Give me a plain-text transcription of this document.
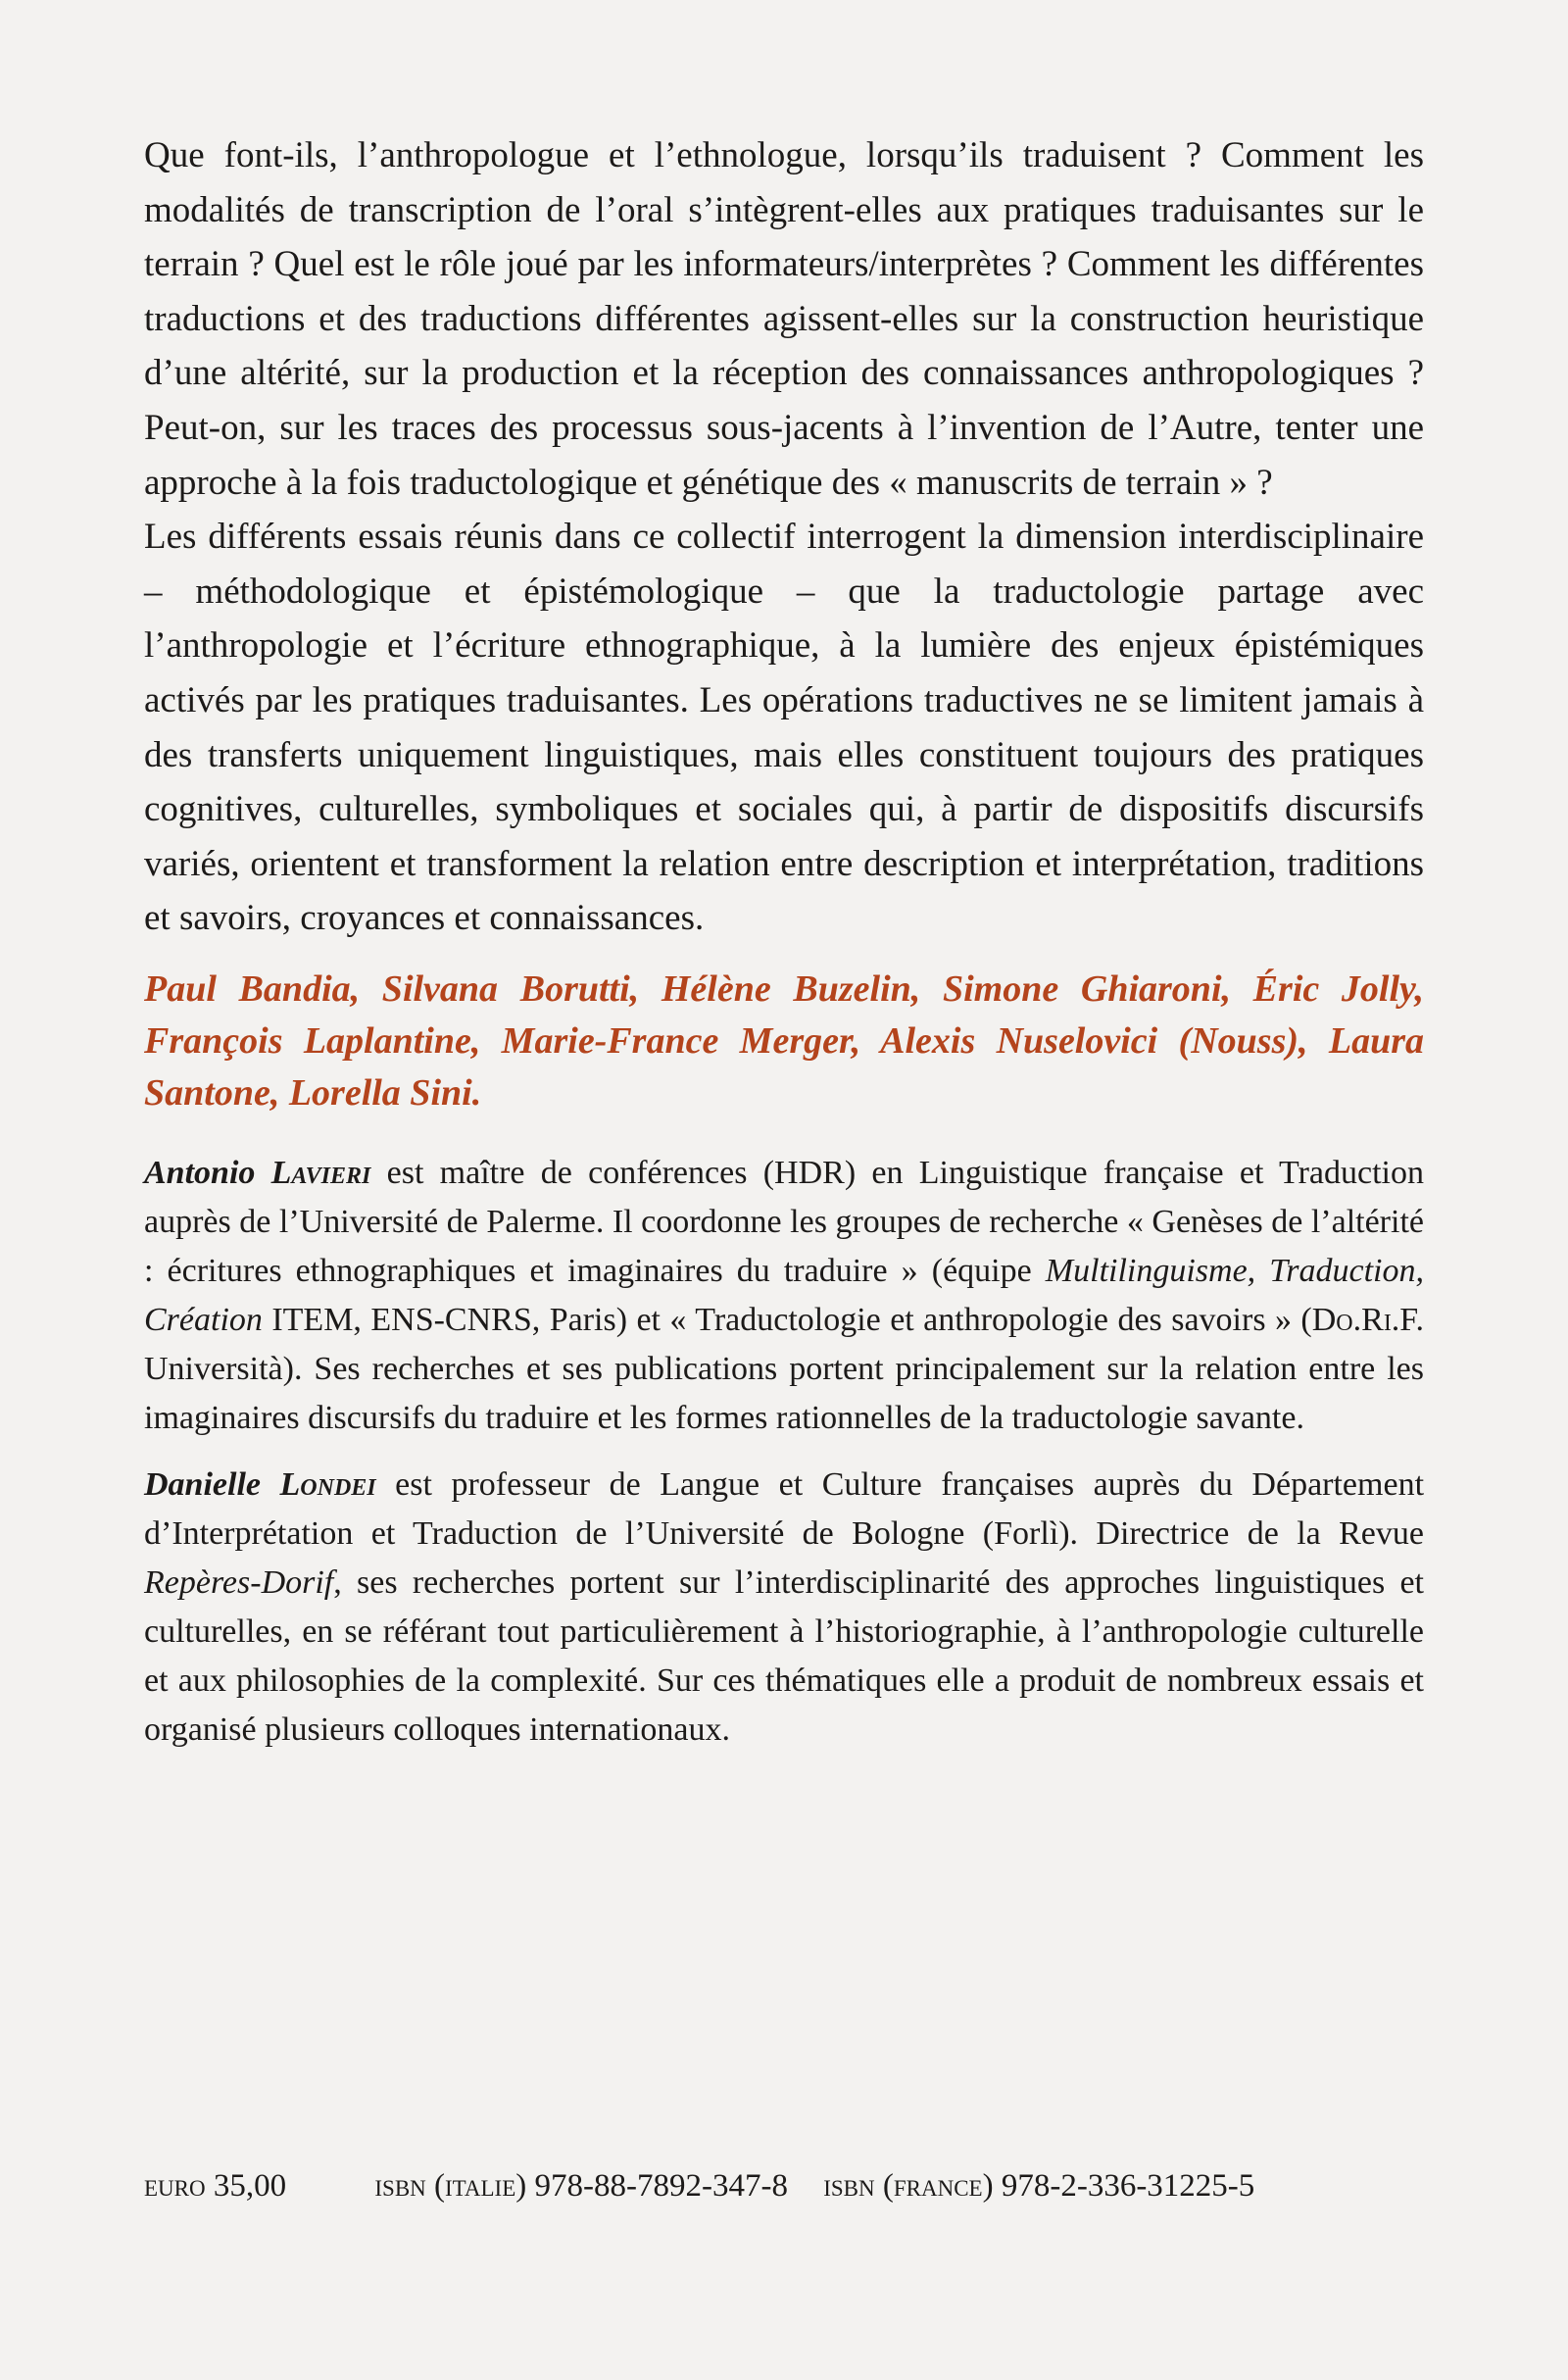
Que font-ils, l’anthropologue et l’ethnologue, lorsqu’ils traduisent ? Comment les modalités de transcription de l’oral s’intègrent-elles aux pratiques traduisantes sur le terrain ? Quel est le rôle joué par les informateurs/interprètes ? Comment les différentes traductions et des traductions différentes agissent-elles sur la construction heuristique d’une altérité, sur la production et la réception des connaissances anthropologiques ? Peut-on, sur les traces des processus sous-jacents à l’invention de l’Autre, tenter une approche à la fois traductologique et génétique des « manuscrits de terrain » ?

Les différents essais réunis dans ce collectif interrogent la dimension interdisciplinaire – méthodologique et épistémologique – que la traductologie partage avec l’anthropologie et l’écriture ethnographique, à la lumière des enjeux épistémiques activés par les pratiques traduisantes. Les opérations traductives ne se limitent jamais à des transferts uniquement linguistiques, mais elles constituent toujours des pratiques cognitives, culturelles, symboliques et sociales qui, à partir de dispositifs discursifs variés, orientent et transforment la relation entre description et interprétation, traditions et savoirs, croyances et connaissances.

Paul Bandia, Silvana Borutti, Hélène Buzelin, Simone Ghiaroni, Éric Jolly, François Laplantine, Marie-France Merger, Alexis Nuselovici (Nouss), Laura Santone, Lorella Sini.

Antonio Lavieri est maître de conférences (HDR) en Linguistique française et Traduction auprès de l’Université de Palerme. Il coordonne les groupes de recherche « Genèses de l’altérité : écritures ethnographiques et imaginaires du traduire » (équipe Multilinguisme, Traduction, Création ITEM, ENS-CNRS, Paris) et « Traductologie et anthropologie des savoirs » (Do.Ri.F. Università). Ses recherches et ses publications portent principalement sur la relation entre les imaginaires discursifs du traduire et les formes rationnelles de la traductologie savante.

Danielle Londei est professeur de Langue et Culture françaises auprès du Département d’Interprétation et Traduction de l’Université de Bologne (Forlì). Directrice de la Revue Repères-Dorif, ses recherches portent sur l’interdisciplinarité des approches linguistiques et culturelles, en se référant tout particulièrement à l’historiographie, à l’anthropologie culturelle et aux philosophies de la complexité. Sur ces thématiques elle a produit de nombreux essais et organisé plusieurs colloques internationaux.

euro 35,00	isbn (italie) 978-88-7892-347-8 isbn (france) 978-2-336-31225-5
